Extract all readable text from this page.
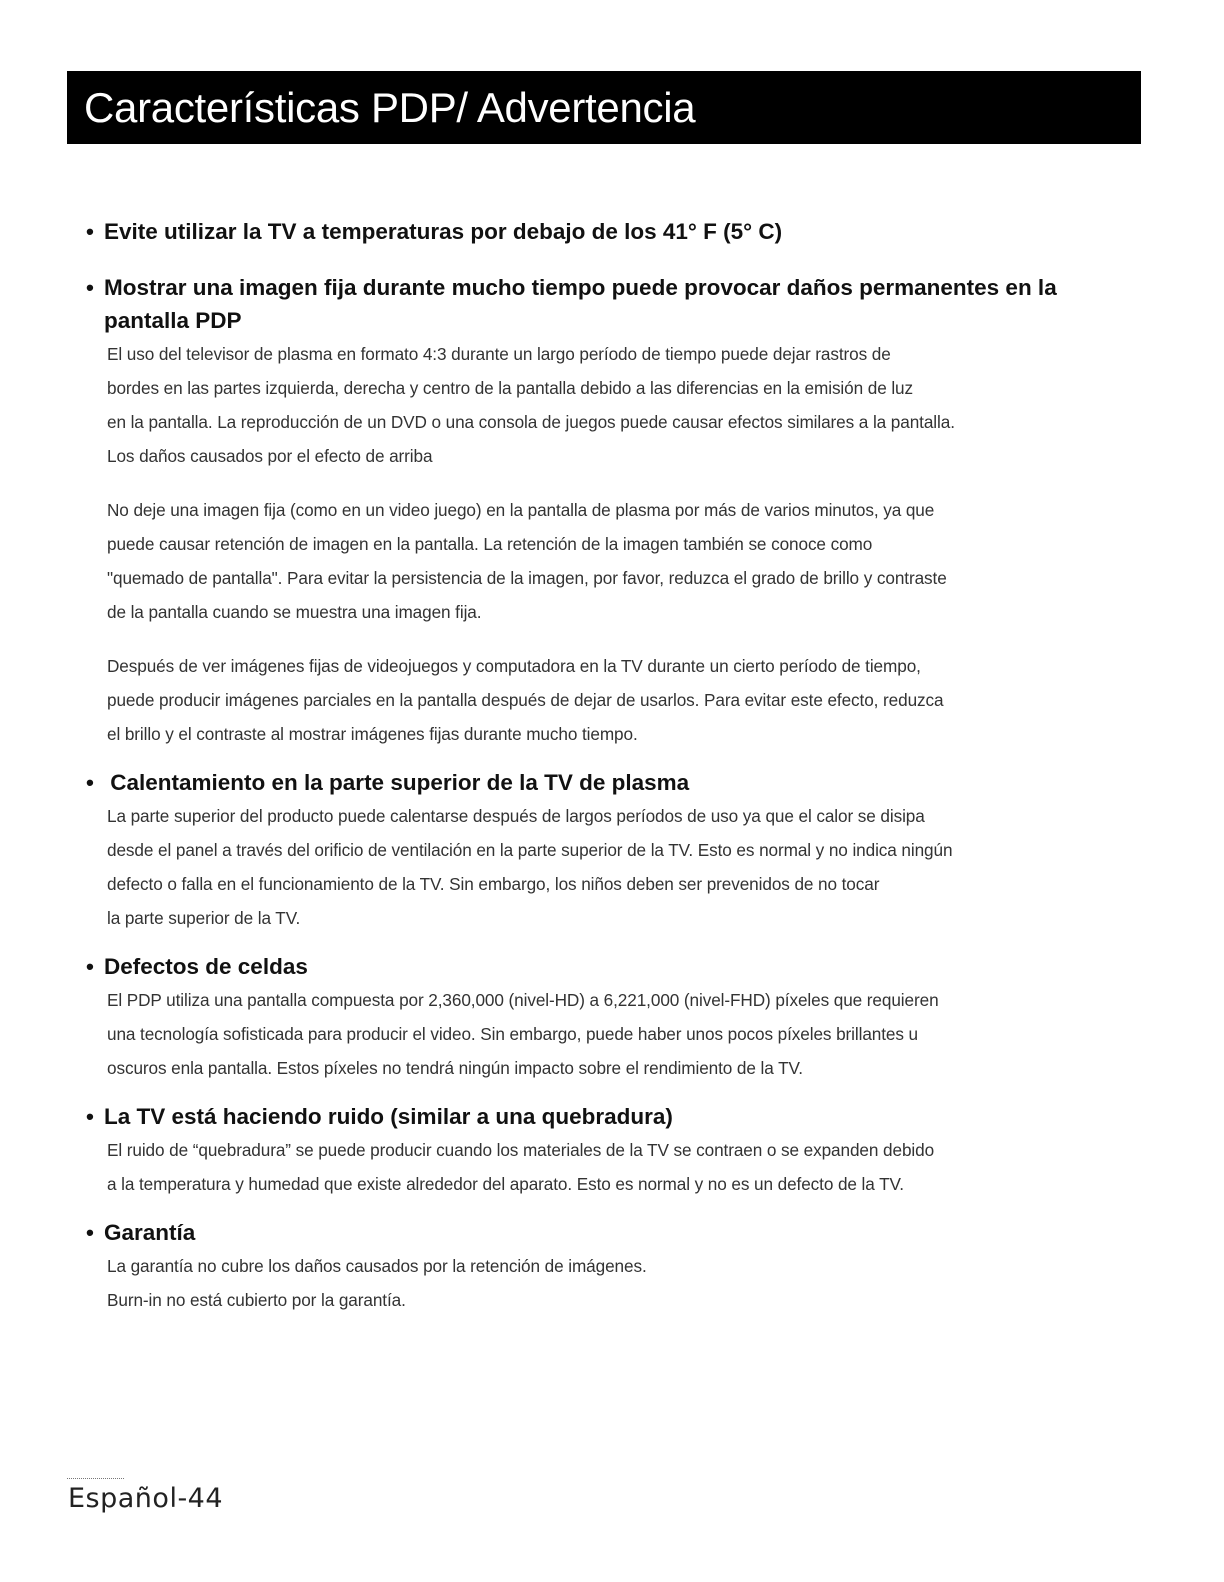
Características PDP/ Advertencia
• Evite utilizar la TV a temperaturas por debajo de los 41° F (5° C)
• Mostrar una imagen fija durante mucho tiempo puede provocar daños permanentes en la
pantalla PDP

El uso del televisor de plasma en formato 4:3 durante un largo período de tiempo puede dejar rastros de
bordes en las partes izquierda, derecha y centro de la pantalla debido a las diferencias en la emisión de luz
en la pantalla. La reproducción de un DVD o una consola de juegos puede causar efectos similares a la pantalla.
Los daños causados por el efecto de arriba

No deje una imagen fija (como en un video juego) en la pantalla de plasma por más de varios minutos, ya que
puede causar retención de imagen en la pantalla. La retención de la imagen también se conoce como
"quemado de pantalla". Para evitar la persistencia de la imagen, por favor, reduzca el grado de brillo y contraste
de la pantalla cuando se muestra una imagen fija.

Después de ver imágenes fijas de videojuegos y computadora en la TV durante un cierto período de tiempo,
puede producir imágenes parciales en la pantalla después de dejar de usarlos. Para evitar este efecto, reduzca
el brillo y el contraste al mostrar imágenes fijas durante mucho tiempo.

• Calentamiento en la parte superior de la TV de plasma

La parte superior del producto puede calentarse después de largos períodos de uso ya que el calor se disipa
desde el panel a través del orificio de ventilación en la parte superior de la TV. Esto es normal y no indica ningún
defecto o falla en el funcionamiento de la TV. Sin embargo, los niños deben ser prevenidos de no tocar
la parte superior de la TV.

• Defectos de celdas

El PDP utiliza una pantalla compuesta por 2,360,000 (nivel-HD) a 6,221,000 (nivel-FHD) píxeles que requieren
una tecnología sofisticada para producir el video. Sin embargo, puede haber unos pocos píxeles brillantes u
oscuros enla pantalla. Estos píxeles no tendrá ningún impacto sobre el rendimiento de la TV.

• La TV está haciendo ruido (similar a una quebradura)

El ruido de “quebradura” se puede producir cuando los materiales de la TV se contraen o se expanden debido
a la temperatura y humedad que existe alrededor del aparato. Esto es normal y no es un defecto de la TV.

• Garantía

La garantía no cubre los daños causados por la retención de imágenes.
Burn-in no está cubierto por la garantía.

Español-44
